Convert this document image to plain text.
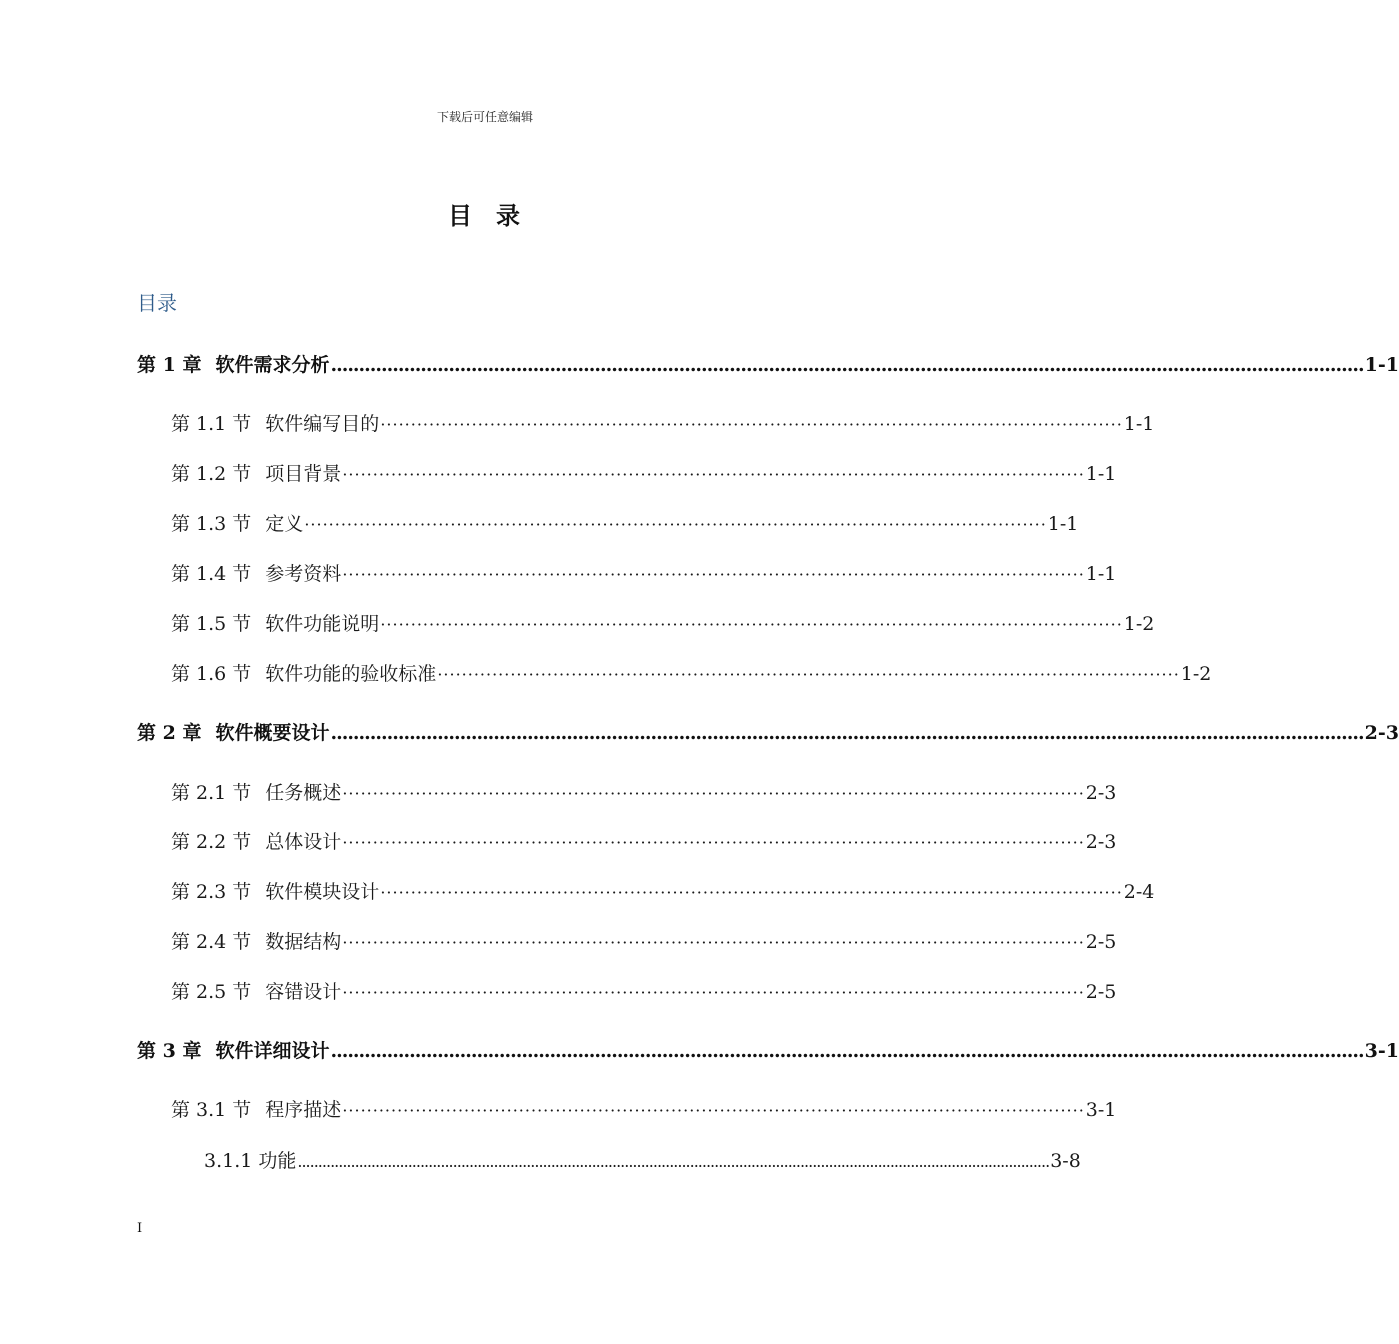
下载后可任意编辑
目 录
目录
第 1 章 软件需求分析 ........................................................................................................................................................................................ 1-1
第 1.1 节 软件编写目的 ·························································································································· 1-1
第 1.2 节 项目背景 ·························································································································· 1-1
第 1.3 节 定义 ·························································································································· 1-1
第 1.4 节 参考资料 ·························································································································· 1-1
第 1.5 节 软件功能说明 ·························································································································· 1-2
第 1.6 节 软件功能的验收标准 ·························································································································· 1-2
第 2 章 软件概要设计 ........................................................................................................................................................................................ 2-3
第 2.1 节 任务概述 ·························································································································· 2-3
第 2.2 节 总体设计 ·························································································································· 2-3
第 2.3 节 软件模块设计 ·························································································································· 2-4
第 2.4 节 数据结构 ·························································································································· 2-5
第 2.5 节 容错设计 ·························································································································· 2-5
第 3 章 软件详细设计 ........................................................................................................................................................................................ 3-1
第 3.1 节 程序描述 ·························································································································· 3-1
3.1.1 功能 ........................................................................................................................................................................................ 3-8
I
